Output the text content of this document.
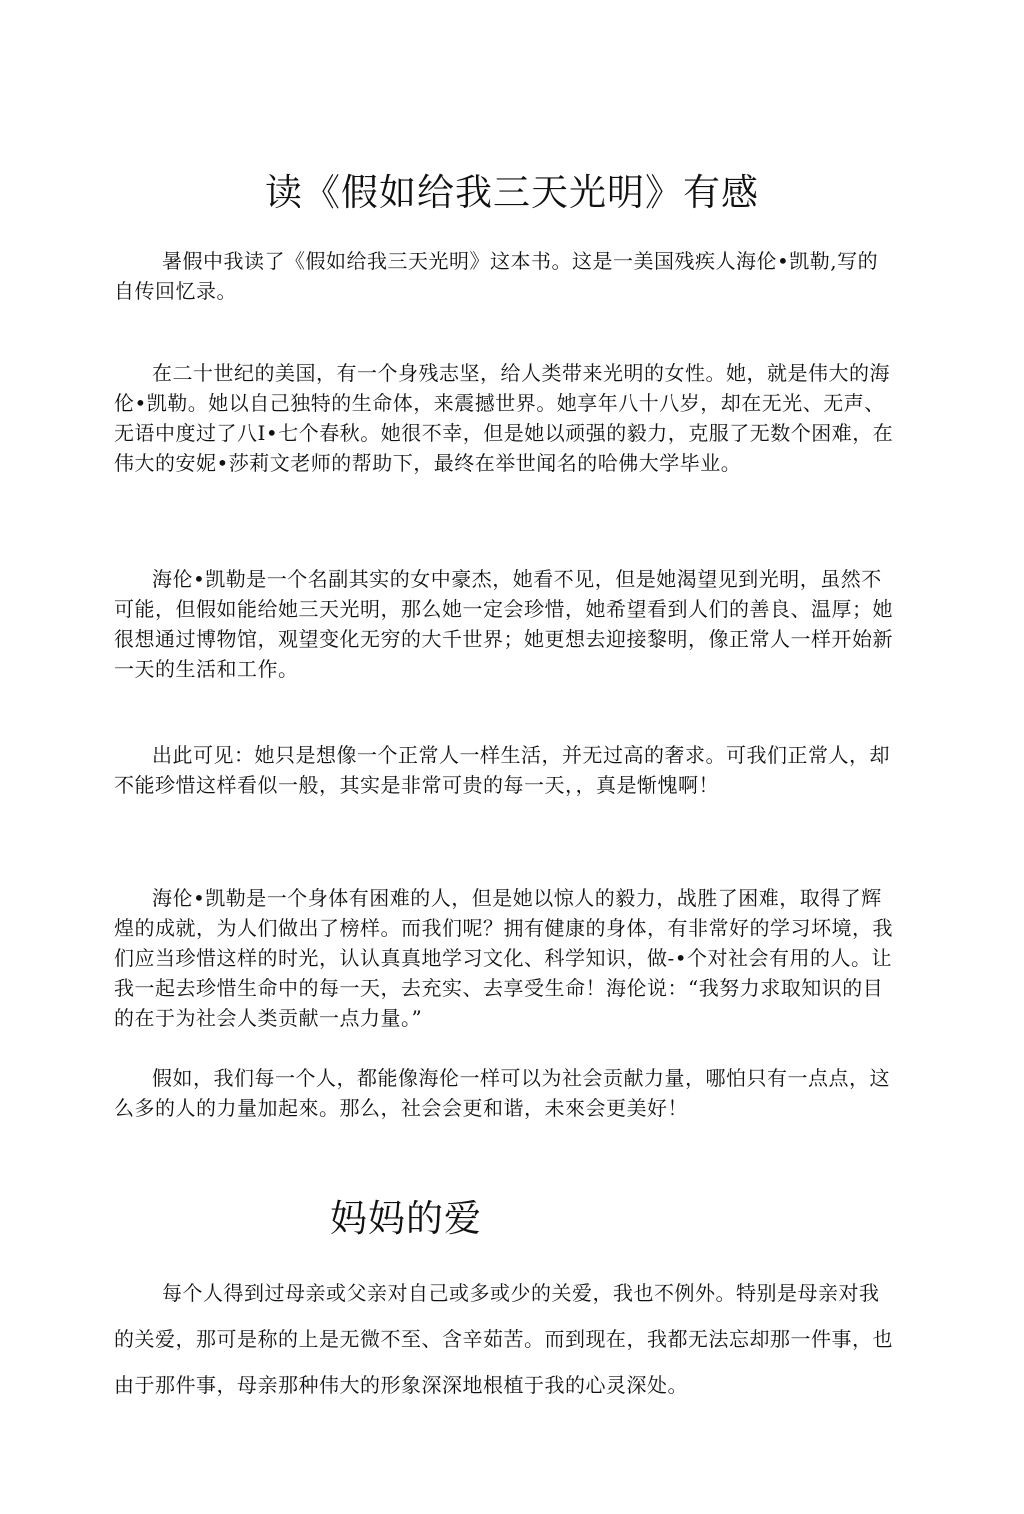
读《假如给我三天光明》有感

暑假中我读了《假如给我三天光明》这本书。这是一美国残疾人海伦•凯勒,写的自传回忆录。

在二十世纪的美国，有一个身残志坚，给人类带来光明的女性。她，就是伟大的海伦•凯勒。她以自己独特的生命体，来震撼世界。她享年八十八岁，却在无光、无声、无语中度过了八I•七个春秋。她很不幸，但是她以顽强的毅力，克服了无数个困难，在伟大的安妮•莎莉文老师的帮助下，最终在举世闻名的哈佛大学毕业。

海伦•凯勒是一个名副其实的女中豪杰，她看不见，但是她渴望见到光明，虽然不可能，但假如能给她三天光明，那么她一定会珍惜，她希望看到人们的善良、温厚；她很想通过博物馆，观望变化无穷的大千世界；她更想去迎接黎明，像正常人一样开始新一天的生活和工作。

出此可见：她只是想像一个正常人一样生活，并无过高的奢求。可我们正常人，却不能珍惜这样看似一般，其实是非常可贵的每一天，，真是惭愧啊！

海伦•凯勒是一个身体有困难的人，但是她以惊人的毅力，战胜了困难，取得了辉煌的成就，为人们做出了榜样。而我们呢？拥有健康的身体，有非常好的学习坏境，我们应当珍惜这样的时光，认认真真地学习文化、科学知识，做-•个对社会有用的人。让我一起去珍惜生命中的每一天，去充实、去享受生命！海伦说：“我努力求取知识的目的在于为社会人类贡献一点力量。”

假如，我们每一个人，都能像海伦一样可以为社会贡献力量，哪怕只有一点点，这么多的人的力量加起來。那么，社会会更和谐，未來会更美好！

妈妈的爱

每个人得到过母亲或父亲对自己或多或少的关爱，我也不例外。特别是母亲对我的关爱，那可是称的上是无微不至、含辛茹苦。而到现在，我都无法忘却那一件事，也由于那件事，母亲那种伟大的形象深深地根植于我的心灵深处。
